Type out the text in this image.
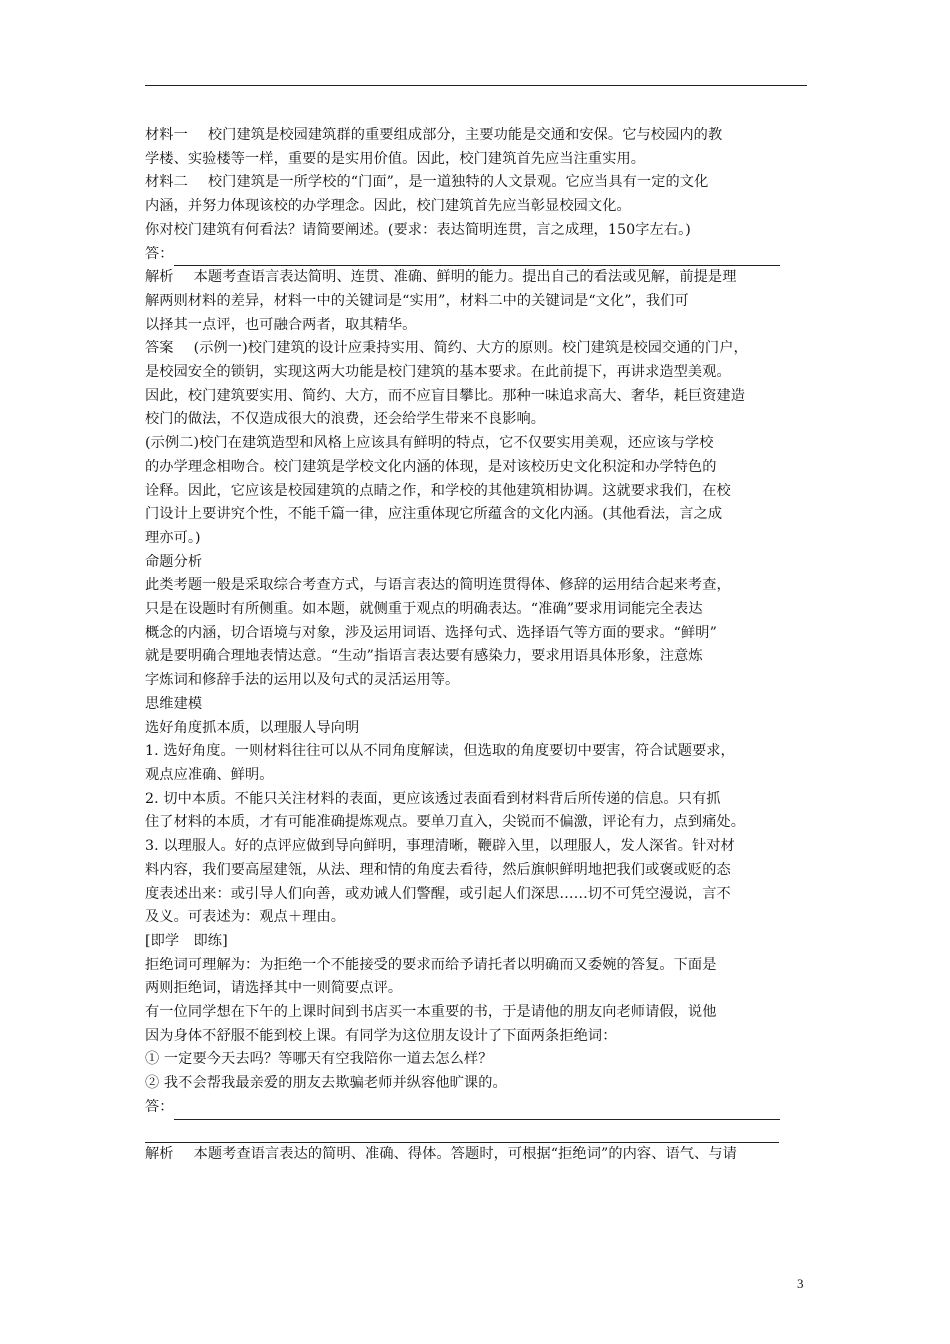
材料一 校门建筑是校园建筑群的重要组成部分，主要功能是交通和安保。它与校园内的教

学楼、实验楼等一样，重要的是实用价值。因此，校门建筑首先应当注重实用。

材料二 校门建筑是一所学校的“门面”，是一道独特的人文景观。它应当具有一定的文化

内涵，并努力体现该校的办学理念。因此，校门建筑首先应当彰显校园文化。

你对校门建筑有何看法？请简要阐述。(要求：表达简明连贯，言之成理，150字左右。)

答：

解析 本题考查语言表达简明、连贯、准确、鲜明的能力。提出自己的看法或见解，前提是理

解两则材料的差异，材料一中的关键词是“实用”，材料二中的关键词是“文化”，我们可

以择其一点评，也可融合两者，取其精华。

答案 (示例一)校门建筑的设计应秉持实用、简约、大方的原则。校门建筑是校园交通的门户，

是校园安全的锁钥，实现这两大功能是校门建筑的基本要求。在此前提下，再讲求造型美观。

因此，校门建筑要实用、简约、大方，而不应盲目攀比。那种一味追求高大、奢华，耗巨资建造

校门的做法，不仅造成很大的浪费，还会给学生带来不良影响。

(示例二)校门在建筑造型和风格上应该具有鲜明的特点，它不仅要实用美观，还应该与学校

的办学理念相吻合。校门建筑是学校文化内涵的体现，是对该校历史文化积淀和办学特色的

诠释。因此，它应该是校园建筑的点睛之作，和学校的其他建筑相协调。这就要求我们，在校

门设计上要讲究个性，不能千篇一律，应注重体现它所蕴含的文化内涵。(其他看法，言之成

理亦可。)

命题分析

此类考题一般是采取综合考查方式，与语言表达的简明连贯得体、修辞的运用结合起来考查，

只是在设题时有所侧重。如本题，就侧重于观点的明确表达。“准确”要求用词能完全表达

概念的内涵，切合语境与对象，涉及运用词语、选择句式、选择语气等方面的要求。“鲜明”

就是要明确合理地表情达意。“生动”指语言表达要有感染力，要求用语具体形象，注意炼

字炼词和修辞手法的运用以及句式的灵活运用等。

思维建模

选好角度抓本质，以理服人导向明

1. 选好角度。一则材料往往可以从不同角度解读，但选取的角度要切中要害，符合试题要求，

观点应准确、鲜明。

2. 切中本质。不能只关注材料的表面，更应该透过表面看到材料背后所传递的信息。只有抓

住了材料的本质，才有可能准确提炼观点。要单刀直入，尖锐而不偏激，评论有力，点到痛处。

3. 以理服人。好的点评应做到导向鲜明，事理清晰，鞭辟入里，以理服人，发人深省。针对材

料内容，我们要高屋建瓴，从法、理和情的角度去看待，然后旗帜鲜明地把我们或褒或贬的态

度表述出来：或引导人们向善，或劝诫人们警醒，或引起人们深思……切不可凭空漫说，言不

及义。可表述为：观点＋理由。

[即学　即练]

拒绝词可理解为：为拒绝一个不能接受的要求而给予请托者以明确而又委婉的答复。下面是

两则拒绝词，请选择其中一则简要点评。

有一位同学想在下午的上课时间到书店买一本重要的书，于是请他的朋友向老师请假，说他

因为身体不舒服不能到校上课。有同学为这位朋友设计了下面两条拒绝词：

① 一定要今天去吗？等哪天有空我陪你一道去怎么样？

② 我不会帮我最亲爱的朋友去欺骗老师并纵容他旷课的。

答：

解析 本题考查语言表达的简明、准确、得体。答题时，可根据“拒绝词”的内容、语气、与请

3
